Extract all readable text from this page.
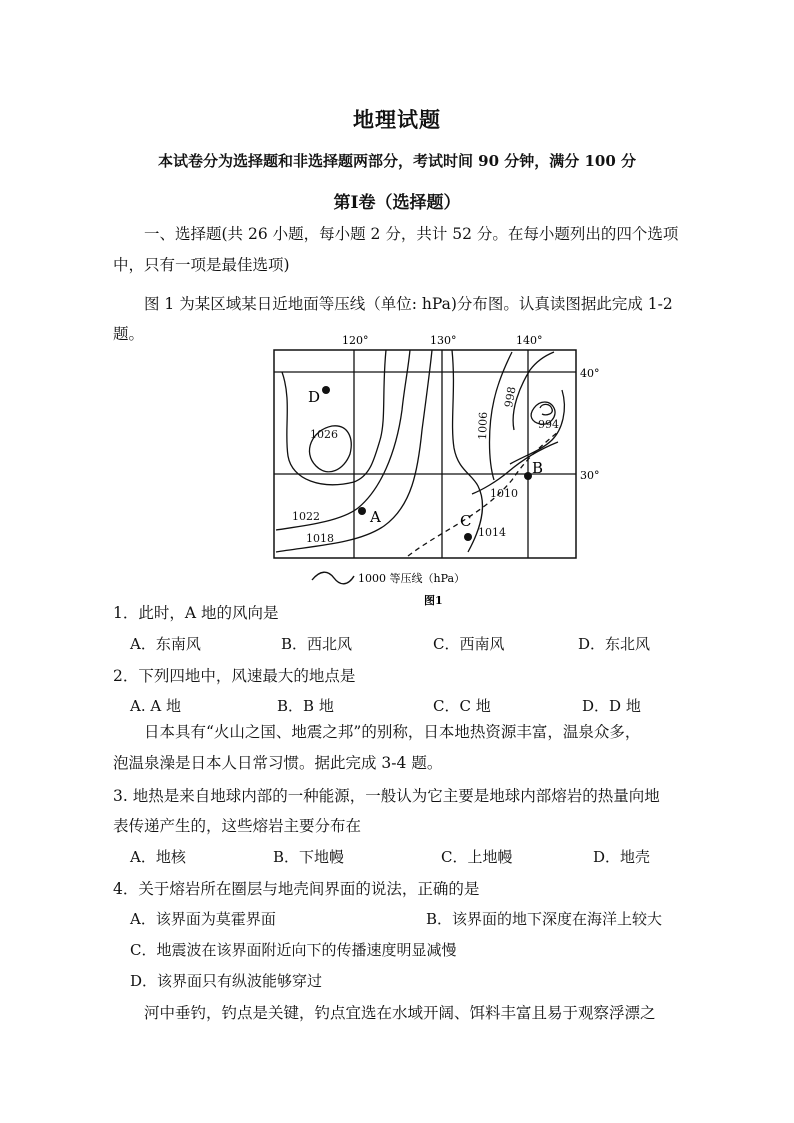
地理试题
本试卷分为选择题和非选择题两部分，考试时间 90 分钟，满分 100 分
第Ⅰ卷（选择题）
一、选择题(共 26 小题，每小题 2 分，共计 52 分。在每小题列出的四个选项
中，只有一项是最佳选项)
图 1 为某区域某日近地面等压线（单位: hPa)分布图。认真读图据此完成 1-2
题。	120°	130°	140°
40°
30°
1026
1022
1018
1006
998
994
1010
1014
A
B
C
D
1000 等压线（hPa）
图1
1．此时，A 地的风向是
A．东南风	B．西北风	C．西南风	D．东北风
2．下列四地中，风速最大的地点是
A. A 地	B．B 地	C．C 地	D．D 地
日本具有“火山之国、地震之邦”的别称，日本地热资源丰富，温泉众多，
泡温泉澡是日本人日常习惯。据此完成 3-4 题。
3. 地热是来自地球内部的一种能源，一般认为它主要是地球内部熔岩的热量向地
表传递产生的，这些熔岩主要分布在
A．地核	B．下地幔	C．上地幔	D．地壳
4．关于熔岩所在圈层与地壳间界面的说法，正确的是
A．该界面为莫霍界面	B．该界面的地下深度在海洋上较大
C．地震波在该界面附近向下的传播速度明显减慢
D．该界面只有纵波能够穿过
河中垂钓，钓点是关键，钓点宜选在水域开阔、饵料丰富且易于观察浮漂之
